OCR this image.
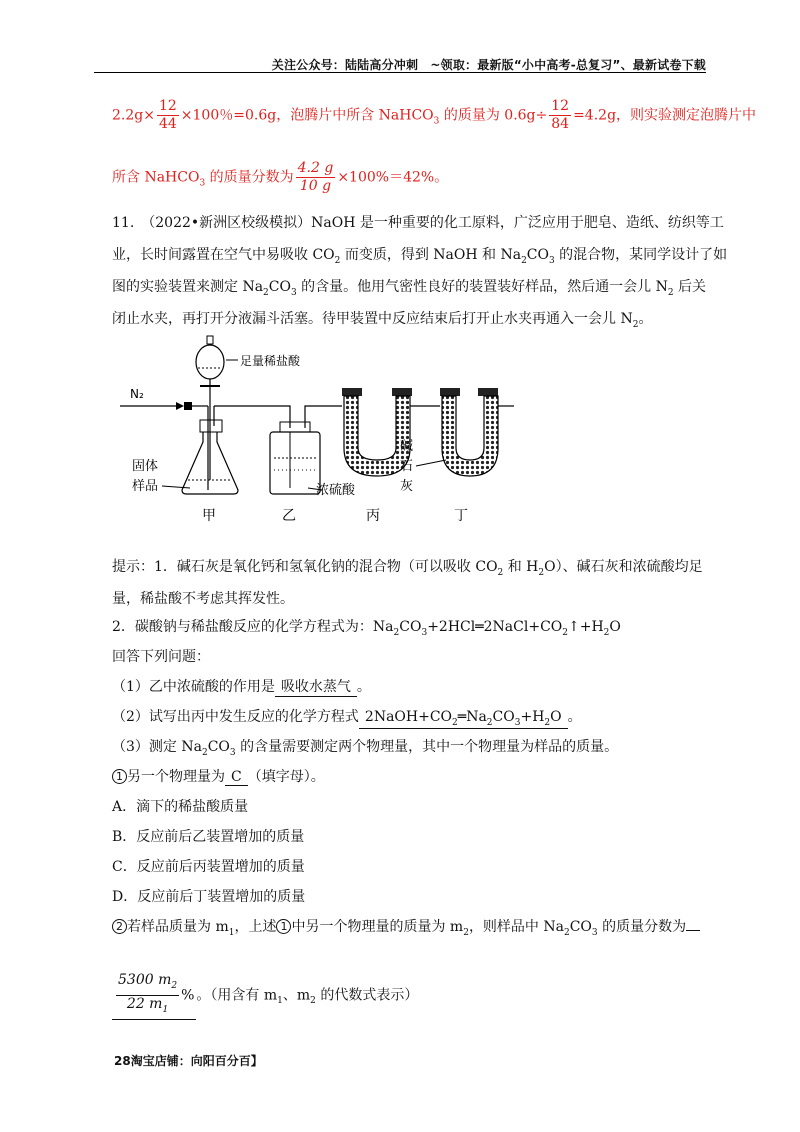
关注公众号：陆陆高分冲刺　~领取：最新版“小中高考-总复习”、最新试卷下载
$2.2g\times \frac{12}{44} \times 100$％=0.6g，泡腾片中所含 NaHCO$_3$ 的质量为 $0.6g\div \frac{12}{84} =4.2g$，则实验测定泡腾片中
所含 NaHCO$_3$ 的质量分数为 $\frac{4.2 g}{10 g} \times 100\%=42\%$。
11.　（2022•新洲区校级模拟）NaOH 是一种重要的化工原料，广泛应用于肥皂、造纸、纺织等工
业，长时间露置在空气中易吸收 $CO_2$ 而变质，得到 NaOH 和 $Na_2CO_3$ 的混合物，某同学设计了如
图的实验装置来测定 $Na_2CO_3$ 的含量。他用气密性良好的装置装好样品，然后通一会儿 $N_2$ 后关
闭止水夹，再打开分液漏斗活塞。待甲装置中反应结束后打开止水夹再通入一会儿 $N_2$。
N₂
足量稀盐酸
固体
样品	浓硫酸
碱
石
灰
甲	乙	丙	丁
提示：1．碱石灰是氧化钙和氢氧化钠的混合物（可以吸收 $CO_2$ 和 $H_2O$）、碱石灰和浓硫酸均足
量，稀盐酸不考虑其挥发性。
2．碳酸钠与稀盐酸反应的化学方程式为：$Na_2CO_3+2HCl═2NaCl+CO_2↑+H_2O$
回答下列问题：
（1）乙中浓硫酸的作用是 吸收水蒸气 。
（2）试写出丙中发生反应的化学方程式 $2NaOH+CO_2═Na_2CO_3+H_2O$ 。
（3）测定 $Na_2CO_3$ 的含量需要测定两个物理量，其中一个物理量为样品的质量。
1 另一个物理量为 C （填字母）。
A．滴下的稀盐酸质量
B．反应前后乙装置增加的质量
C．反应前后丙装置增加的质量
D．反应前后丁装置增加的质量
2 若样品质量为 $m_1$，上述 1 中另一个物理量的质量为 $m_2$，则样品中 $Na_2CO_3$ 的质量分数为
$\frac{5300 m_2}{22 m_1}$ % 。（用含有 $m_1$、$m_2$ 的代数式表示）
28淘宝店铺：向阳百分百】
